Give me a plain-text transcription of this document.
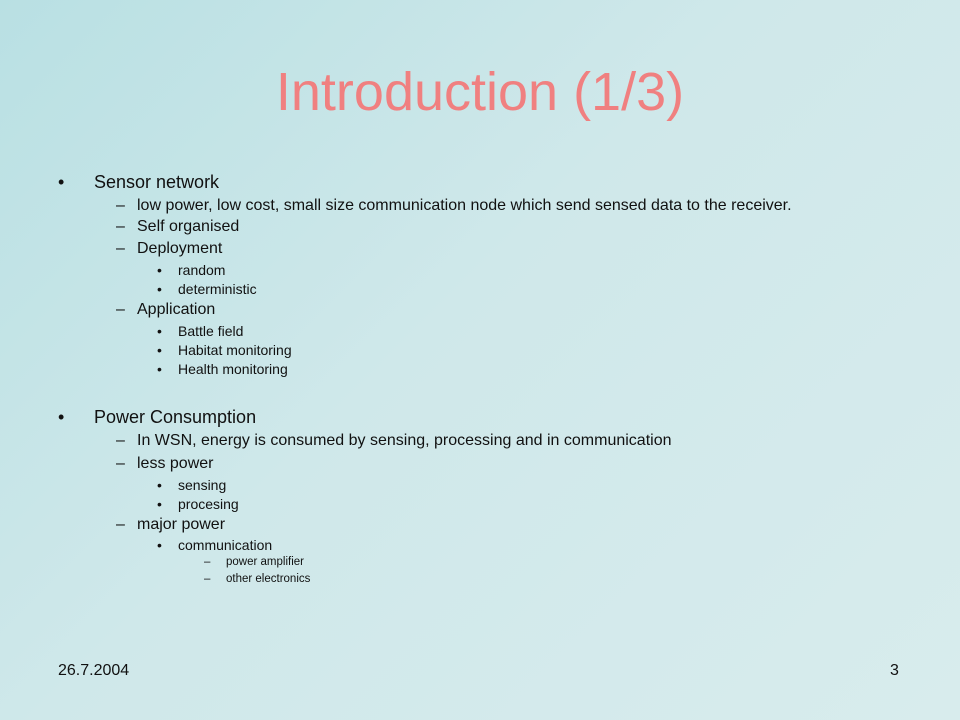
Introduction (1/3)
• Sensor network
– low power, low cost, small size communication node which send sensed data to the receiver.
– Self organised
– Deployment
• random
• deterministic
– Application
• Battle field
• Habitat monitoring
• Health monitoring
• Power Consumption
– In WSN, energy is consumed by sensing, processing and in communication
– less power
• sensing
• procesing
– major power
• communication
– power amplifier
– other electronics
26.7.2004	3
